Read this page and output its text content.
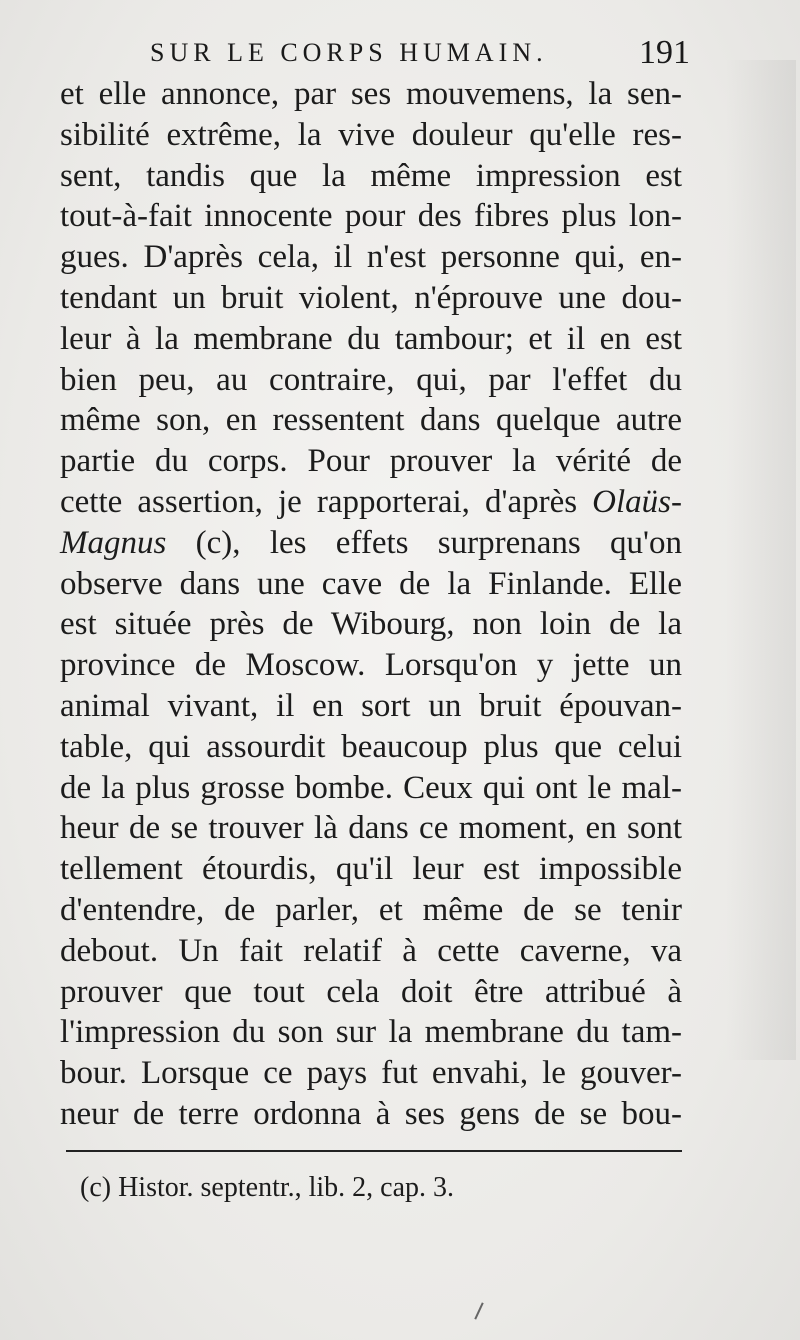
SUR LE CORPS HUMAIN.	191
et elle annonce, par ses mouvemens, la sen-
sibilité extrême, la vive douleur qu'elle res-
sent, tandis que la même impression est
tout-à-fait innocente pour des fibres plus lon-
gues. D'après cela, il n'est personne qui, en-
tendant un bruit violent, n'éprouve une dou-
leur à la membrane du tambour; et il en est
bien peu, au contraire, qui, par l'effet du
même son, en ressentent dans quelque autre
partie du corps. Pour prouver la vérité de
cette assertion, je rapporterai, d'après Olaüs-
Magnus (c), les effets surprenans qu'on
observe dans une cave de la Finlande. Elle
est située près de Wibourg, non loin de la
province de Moscow. Lorsqu'on y jette un
animal vivant, il en sort un bruit épouvan-
table, qui assourdit beaucoup plus que celui
de la plus grosse bombe. Ceux qui ont le mal-
heur de se trouver là dans ce moment, en sont
tellement étourdis, qu'il leur est impossible
d'entendre, de parler, et même de se tenir
debout. Un fait relatif à cette caverne, va
prouver que tout cela doit être attribué à
l'impression du son sur la membrane du tam-
bour. Lorsque ce pays fut envahi, le gouver-
neur de terre ordonna à ses gens de se bou-
(c) Histor. septentr., lib. 2, cap. 3.
